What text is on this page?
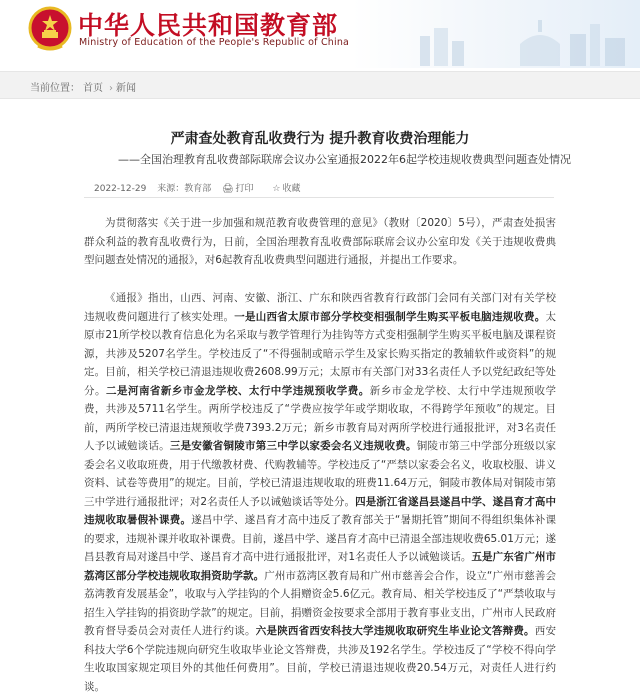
中华人民共和国教育部
Ministry of Education of the People's Republic of China
当前位置： 首页 › 新闻
严肃查处教育乱收费行为 提升教育收费治理能力
——全国治理教育乱收费部际联席会议办公室通报2022年6起学校违规收费典型问题查处情况
2022-12-29 来源：教育部 🖨 打印 ☆ 收藏
为贯彻落实《关于进一步加强和规范教育收费管理的意见》（教财〔2020〕5号），严肃查处损害群众利益的教育乱收费行为，日前，全国治理教育乱收费部际联席会议办公室印发《关于违规收费典型问题查处情况的通报》，对6起教育乱收费典型问题进行通报，并提出工作要求。
《通报》指出，山西、河南、安徽、浙江、广东和陕西省教育行政部门会同有关部门对有关学校违规收费问题进行了核实处理。一是山西省太原市部分学校变相强制学生购买平板电脑违规收费。太原市21所学校以教育信息化为名采取与教学管理行为挂钩等方式变相强制学生购买平板电脑及课程资源，共涉及5207名学生。学校违反了“不得强制或暗示学生及家长购买指定的教辅软件或资料”的规定。目前，相关学校已清退违规收费2608.99万元；太原市有关部门对33名责任人予以党纪政纪等处分。二是河南省新乡市金龙学校、太行中学违规预收学费。新乡市金龙学校、太行中学违规预收学费，共涉及5711名学生。两所学校违反了“学费应按学年或学期收取，不得跨学年预收”的规定。目前，两所学校已清退违规预收学费7393.2万元；新乡市教育局对两所学校进行通报批评，对3名责任人予以诫勉谈话。三是安徽省铜陵市第三中学以家委会名义违规收费。铜陵市第三中学部分班级以家委会名义收取班费，用于代缴教材费、代购教辅等。学校违反了“严禁以家委会名义，收取校服、讲义资料、试卷等费用”的规定。目前，学校已清退违规收取的班费11.64万元，铜陵市教体局对铜陵市第三中学进行通报批评；对2名责任人予以诫勉谈话等处分。四是浙江省遂昌县遂昌中学、遂昌育才高中违规收取暑假补课费。遂昌中学、遂昌育才高中违反了教育部关于“暑期托管”期间不得组织集体补课的要求，违规补课并收取补课费。目前，遂昌中学、遂昌育才高中已清退全部违规收费65.01万元；遂昌县教育局对遂昌中学、遂昌育才高中进行通报批评，对1名责任人予以诫勉谈话。五是广东省广州市荔湾区部分学校违规收取捐资助学款。广州市荔湾区教育局和广州市慈善会合作，设立“广州市慈善会荔湾教育发展基金”，收取与入学挂钩的个人捐赠资金5.6亿元。教育局、相关学校违反了“严禁收取与招生入学挂钩的捐资助学款”的规定。目前，捐赠资金按要求全部用于教育事业支出，广州市人民政府教育督导委员会对责任人进行约谈。六是陕西省西安科技大学违规收取研究生毕业论文答辩费。西安科技大学6个学院违规向研究生收取毕业论文答辩费，共涉及192名学生。学校违反了“学校不得向学生收取国家规定项目外的其他任何费用”。目前，学校已清退违规收费20.54万元，对责任人进行约谈。
